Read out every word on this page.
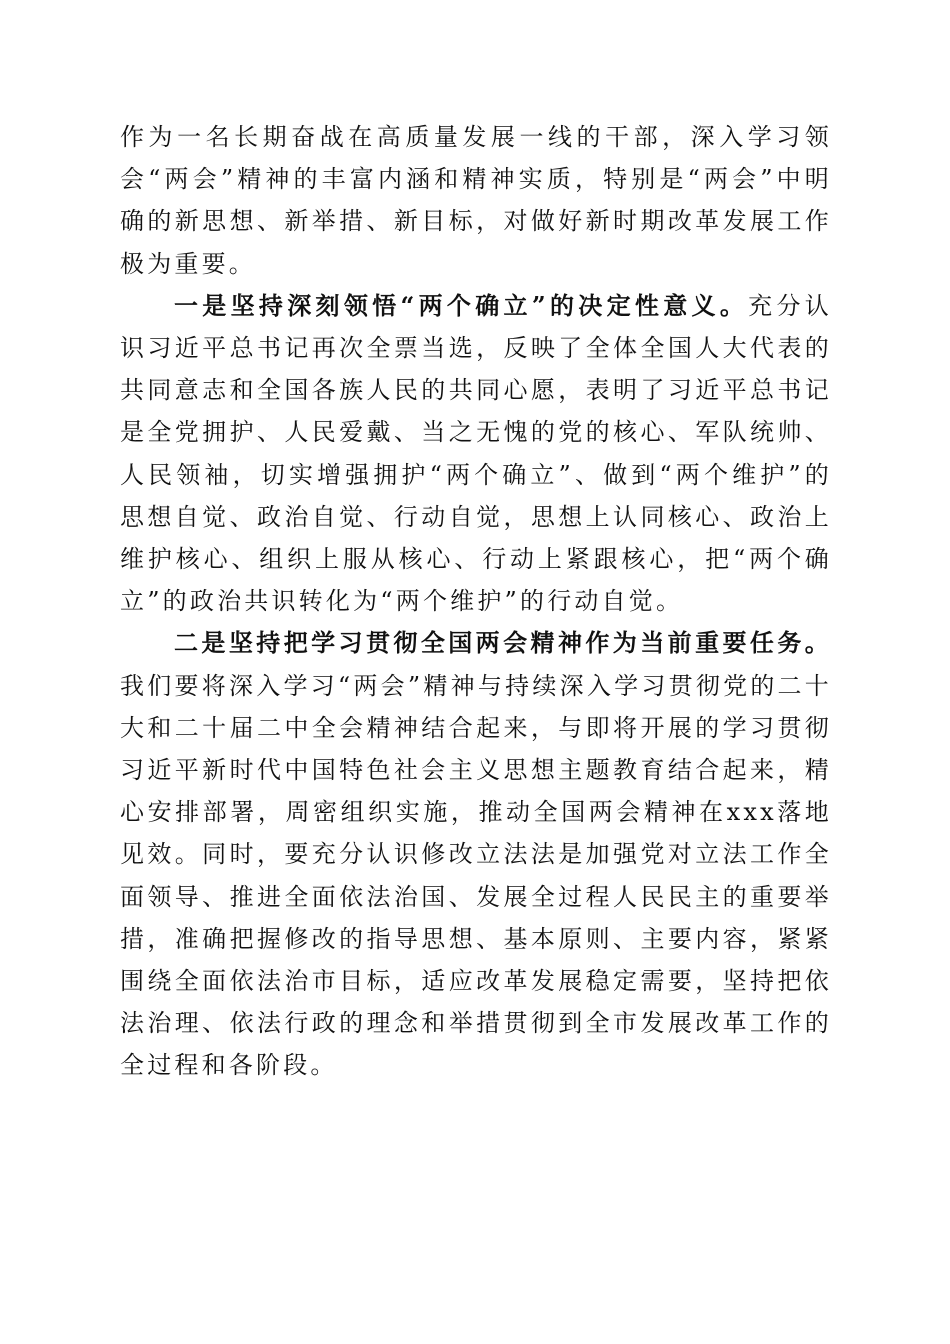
作为一名长期奋战在高质量发展一线的干部，深入学习领会“两会”精神的丰富内涵和精神实质，特别是“两会”中明确的新思想、新举措、新目标，对做好新时期改革发展工作极为重要。

一是坚持深刻领悟“两个确立”的决定性意义。充分认识习近平总书记再次全票当选，反映了全体全国人大代表的共同意志和全国各族人民的共同心愿，表明了习近平总书记是全党拥护、人民爱戴、当之无愧的党的核心、军队统帅、人民领袖，切实增强拥护“两个确立”、做到“两个维护”的思想自觉、政治自觉、行动自觉，思想上认同核心、政治上维护核心、组织上服从核心、行动上紧跟核心，把“两个确立”的政治共识转化为“两个维护”的行动自觉。

二是坚持把学习贯彻全国两会精神作为当前重要任务。我们要将深入学习“两会”精神与持续深入学习贯彻党的二十大和二十届二中全会精神结合起来，与即将开展的学习贯彻习近平新时代中国特色社会主义思想主题教育结合起来，精心安排部署，周密组织实施，推动全国两会精神在xxx落地见效。同时，要充分认识修改立法法是加强党对立法工作全面领导、推进全面依法治国、发展全过程人民民主的重要举措，准确把握修改的指导思想、基本原则、主要内容，紧紧围绕全面依法治市目标，适应改革发展稳定需要，坚持把依法治理、依法行政的理念和举措贯彻到全市发展改革工作的全过程和各阶段。
